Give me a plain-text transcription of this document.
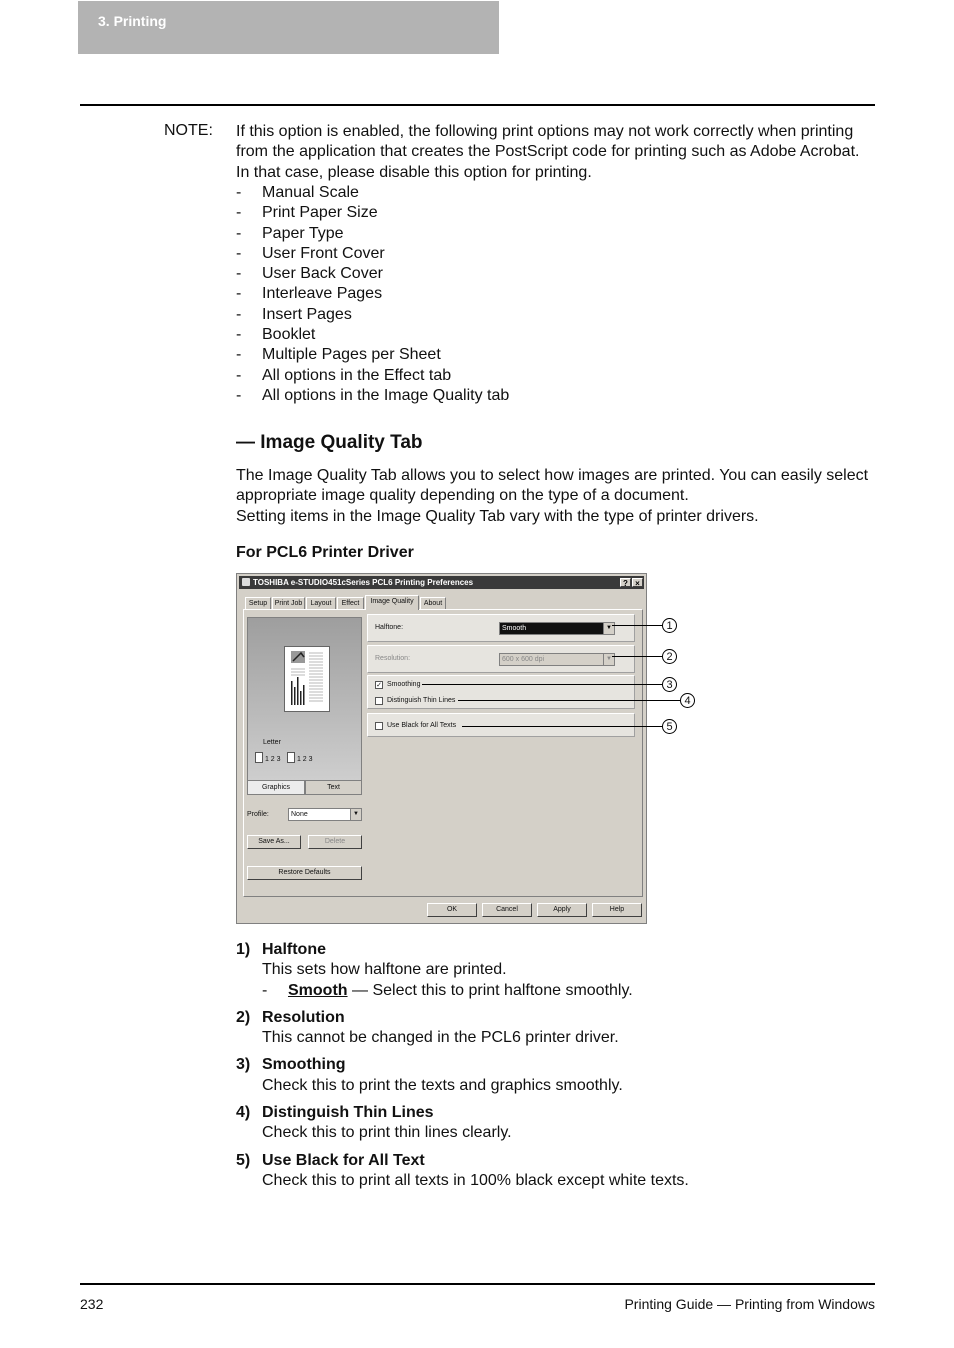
3. Printing
NOTE: If this option is enabled, the following print options may not work correctly when printing from the application that creates the PostScript code for printing such as Adobe Acrobat. In that case, please disable this option for printing.
- Manual Scale
- Print Paper Size
- Paper Type
- User Front Cover
- User Back Cover
- Interleave Pages
- Insert Pages
- Booklet
- Multiple Pages per Sheet
- All options in the Effect tab
- All options in the Image Quality tab
— Image Quality Tab
The Image Quality Tab allows you to select how images are printed. You can easily select appropriate image quality depending on the type of a document.
Setting items in the Image Quality Tab vary with the type of printer drivers.
For PCL6 Printer Driver
TOSHIBA e-STUDIO451cSeries PCL6 Printing Preferences	? ×
Setup	Print Job	Layout	Effect	Image Quality	About
Letter
1 2 3	1 2 3
Graphics	Text
Profile:	None	▼
Save As...	Delete
Restore Defaults
Halftone:	Smooth	▼
Resolution:	600 x 600 dpi	▼
✓ Smoothing
Distinguish Thin Lines
Use Black for All Texts
OK	Cancel	Apply	Help
1
2
3
4
5
1) Halftone
This sets how halftone are printed.
- Smooth — Select this to print halftone smoothly.
2) Resolution
This cannot be changed in the PCL6 printer driver.
3) Smoothing
Check this to print the texts and graphics smoothly.
4) Distinguish Thin Lines
Check this to print thin lines clearly.
5) Use Black for All Text
Check this to print all texts in 100% black except white texts.
232	Printing Guide — Printing from Windows
